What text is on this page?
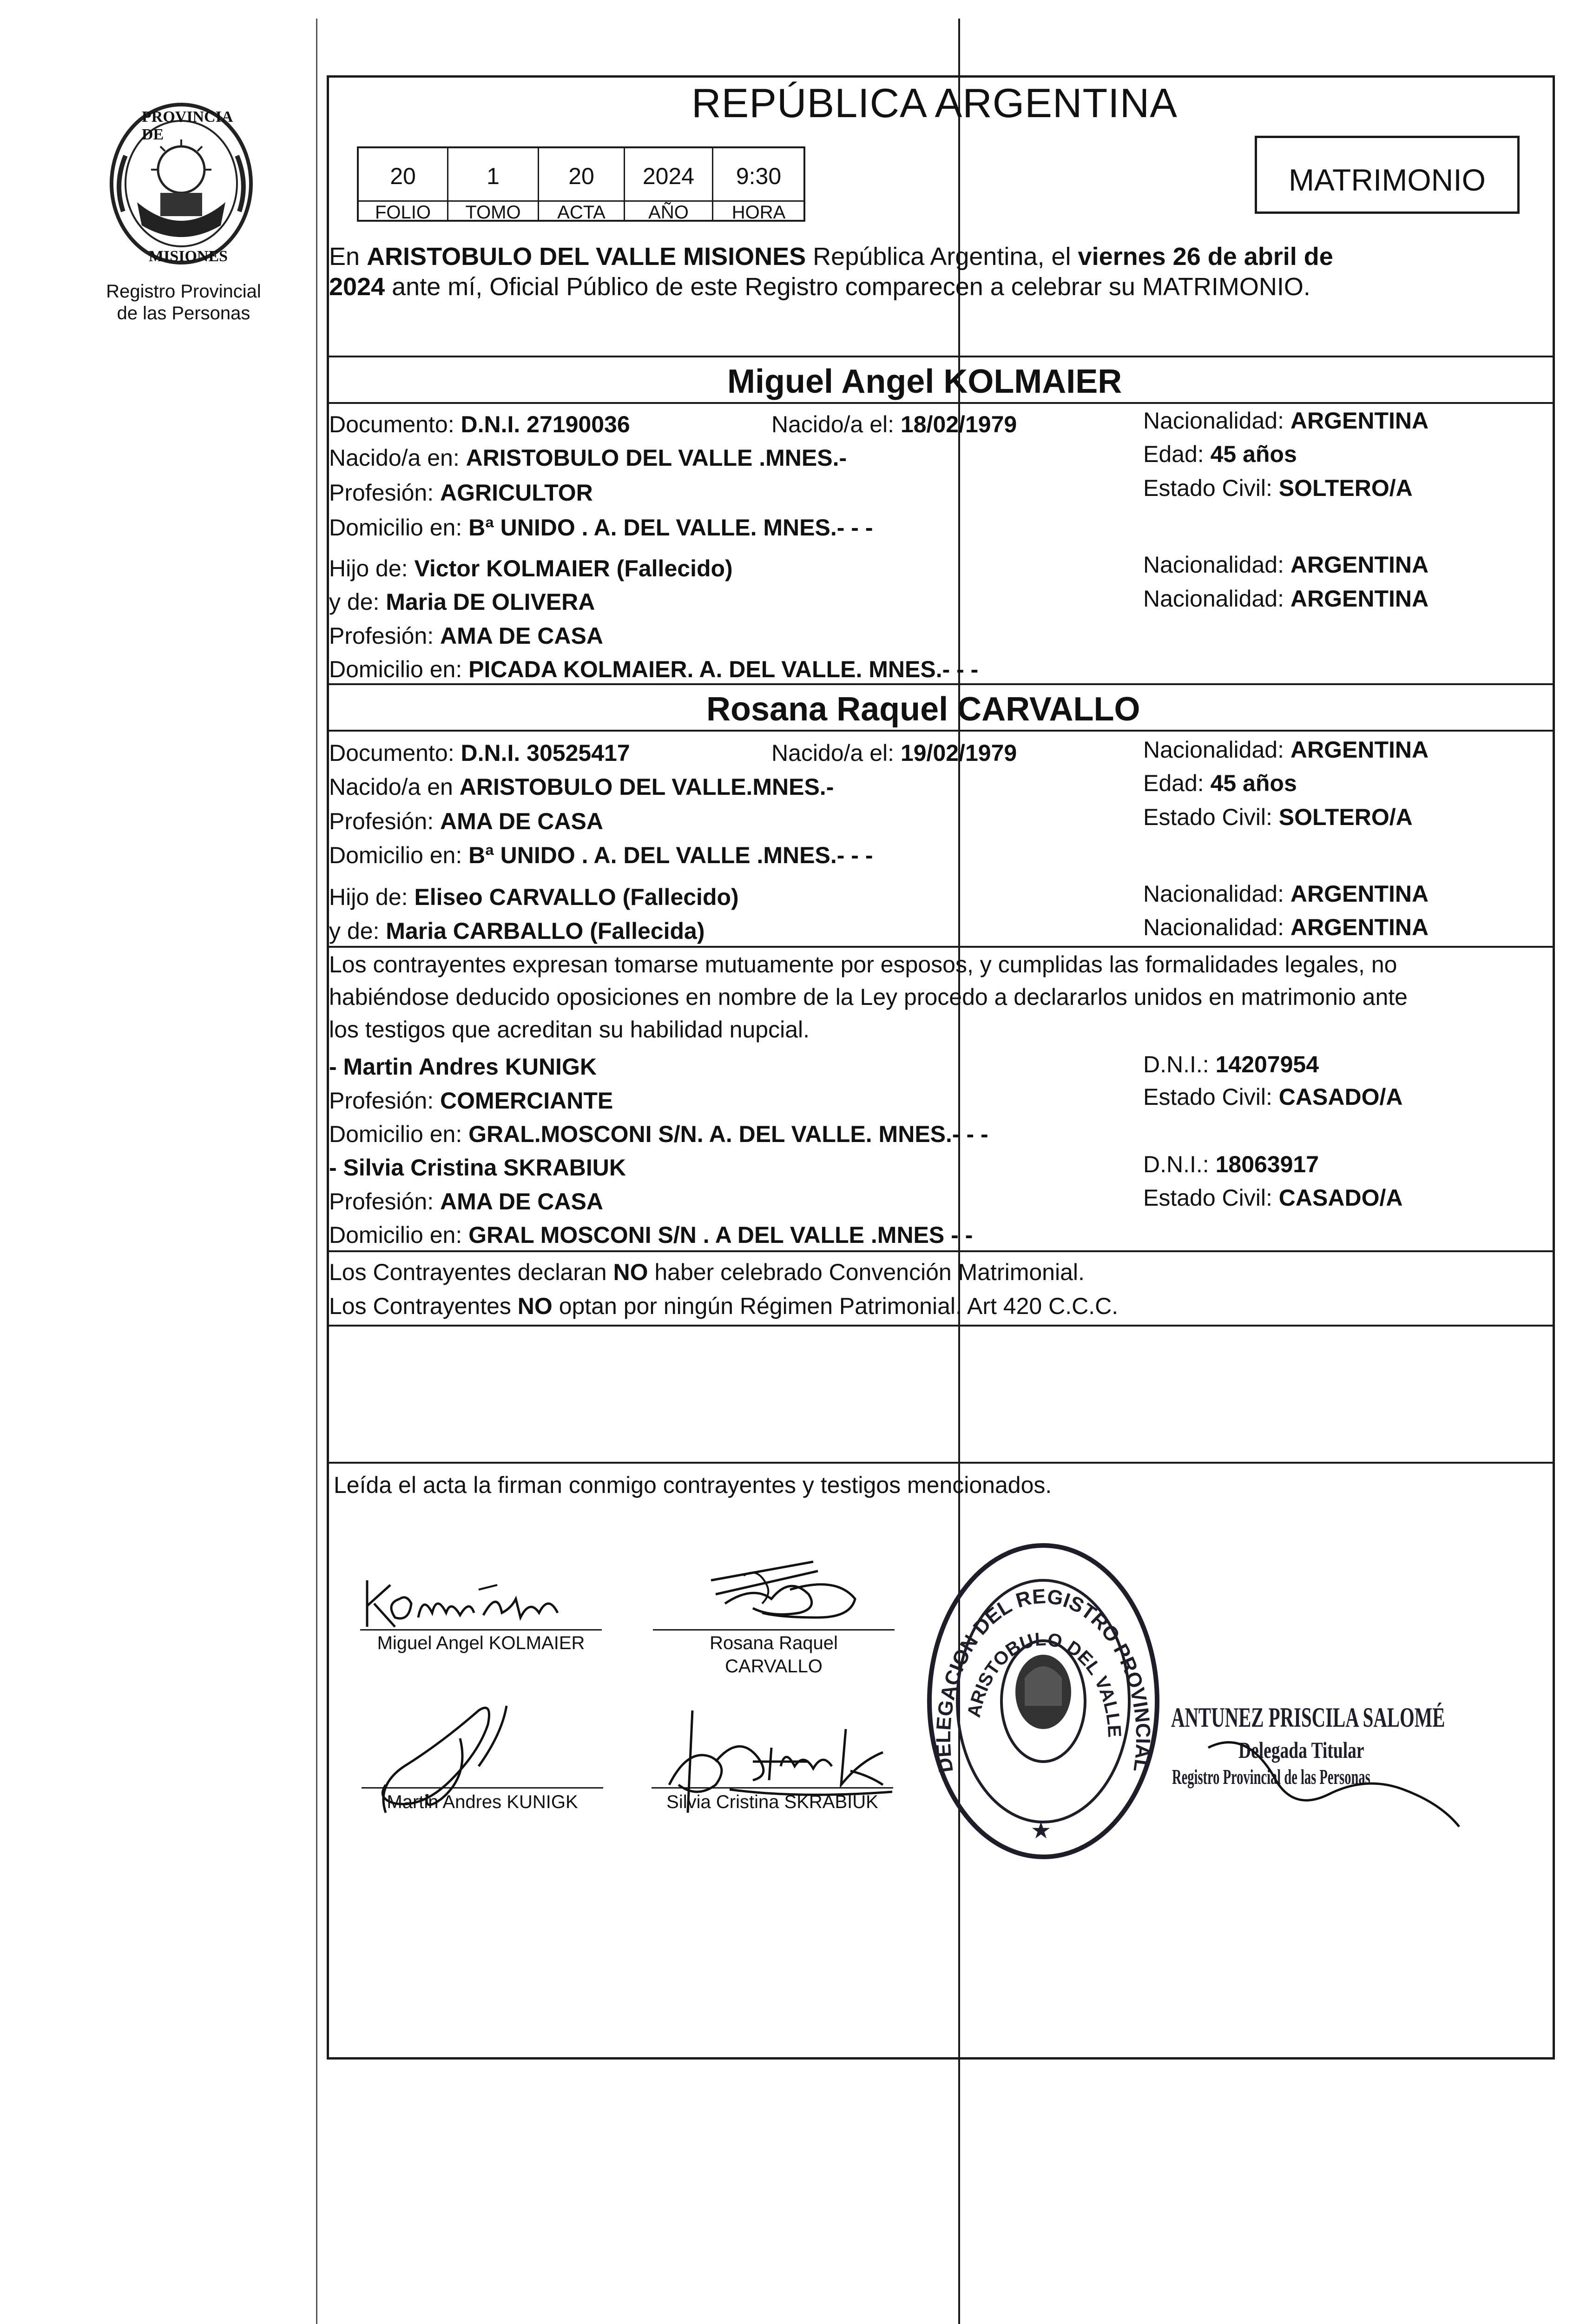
PROVINCIA DE
MISIONES
Registro Provincial
de las Personas
REPÚBLICA ARGENTINA
20	1	20	2024	9:30
FOLIO	TOMO	ACTA	AÑO	HORA
MATRIMONIO
En ARISTOBULO DEL VALLE MISIONES República Argentina, el viernes 26 de abril de
2024 ante mí, Oficial Público de este Registro comparecen a celebrar su MATRIMONIO.
Miguel Angel KOLMAIER
Documento: D.N.I. 27190036	Nacido/a el: 18/02/1979	Nacionalidad: ARGENTINA
Nacido/a en: ARISTOBULO DEL VALLE .MNES.-	Edad: 45 años
Profesión: AGRICULTOR	Estado Civil: SOLTERO/A
Domicilio en: Bª UNIDO . A. DEL VALLE. MNES.- - -
Hijo de: Victor KOLMAIER (Fallecido)	Nacionalidad: ARGENTINA
y de: Maria DE OLIVERA	Nacionalidad: ARGENTINA
Profesión: AMA DE CASA
Domicilio en: PICADA KOLMAIER. A. DEL VALLE. MNES.- - -
Rosana Raquel CARVALLO
Documento: D.N.I. 30525417	Nacido/a el: 19/02/1979	Nacionalidad: ARGENTINA
Nacido/a en ARISTOBULO DEL VALLE.MNES.-	Edad: 45 años
Profesión: AMA DE CASA	Estado Civil: SOLTERO/A
Domicilio en: Bª UNIDO . A. DEL VALLE .MNES.- - -
Hijo de: Eliseo CARVALLO (Fallecido)	Nacionalidad: ARGENTINA
y de: Maria CARBALLO (Fallecida)	Nacionalidad: ARGENTINA
Los contrayentes expresan tomarse mutuamente por esposos, y cumplidas las formalidades legales, no
habiéndose deducido oposiciones en nombre de la Ley procedo a declararlos unidos en matrimonio ante
los testigos que acreditan su habilidad nupcial.
- Martin Andres KUNIGK	D.N.I.: 14207954
Profesión: COMERCIANTE	Estado Civil: CASADO/A
Domicilio en: GRAL.MOSCONI S/N. A. DEL VALLE. MNES.- - -
- Silvia Cristina SKRABIUK	D.N.I.: 18063917
Profesión: AMA DE CASA	Estado Civil: CASADO/A
Domicilio en: GRAL MOSCONI S/N . A DEL VALLE .MNES - -
Los Contrayentes declaran NO haber celebrado Convención Matrimonial.
Los Contrayentes NO optan por ningún Régimen Patrimonial. Art 420 C.C.C.
Leída el acta la firman conmigo contrayentes y testigos mencionados.
Miguel Angel KOLMAIER	Rosana Raquel
CARVALLO
Martin Andres KUNIGK	Silvia Cristina SKRABIUK
DELEGACION DEL REGISTRO PROVINCIAL
ARISTOBULO DEL VALLE
★
ANTUNEZ PRISCILA SALOMÉ
Delegada Titular
Registro Provincial de las Personas
